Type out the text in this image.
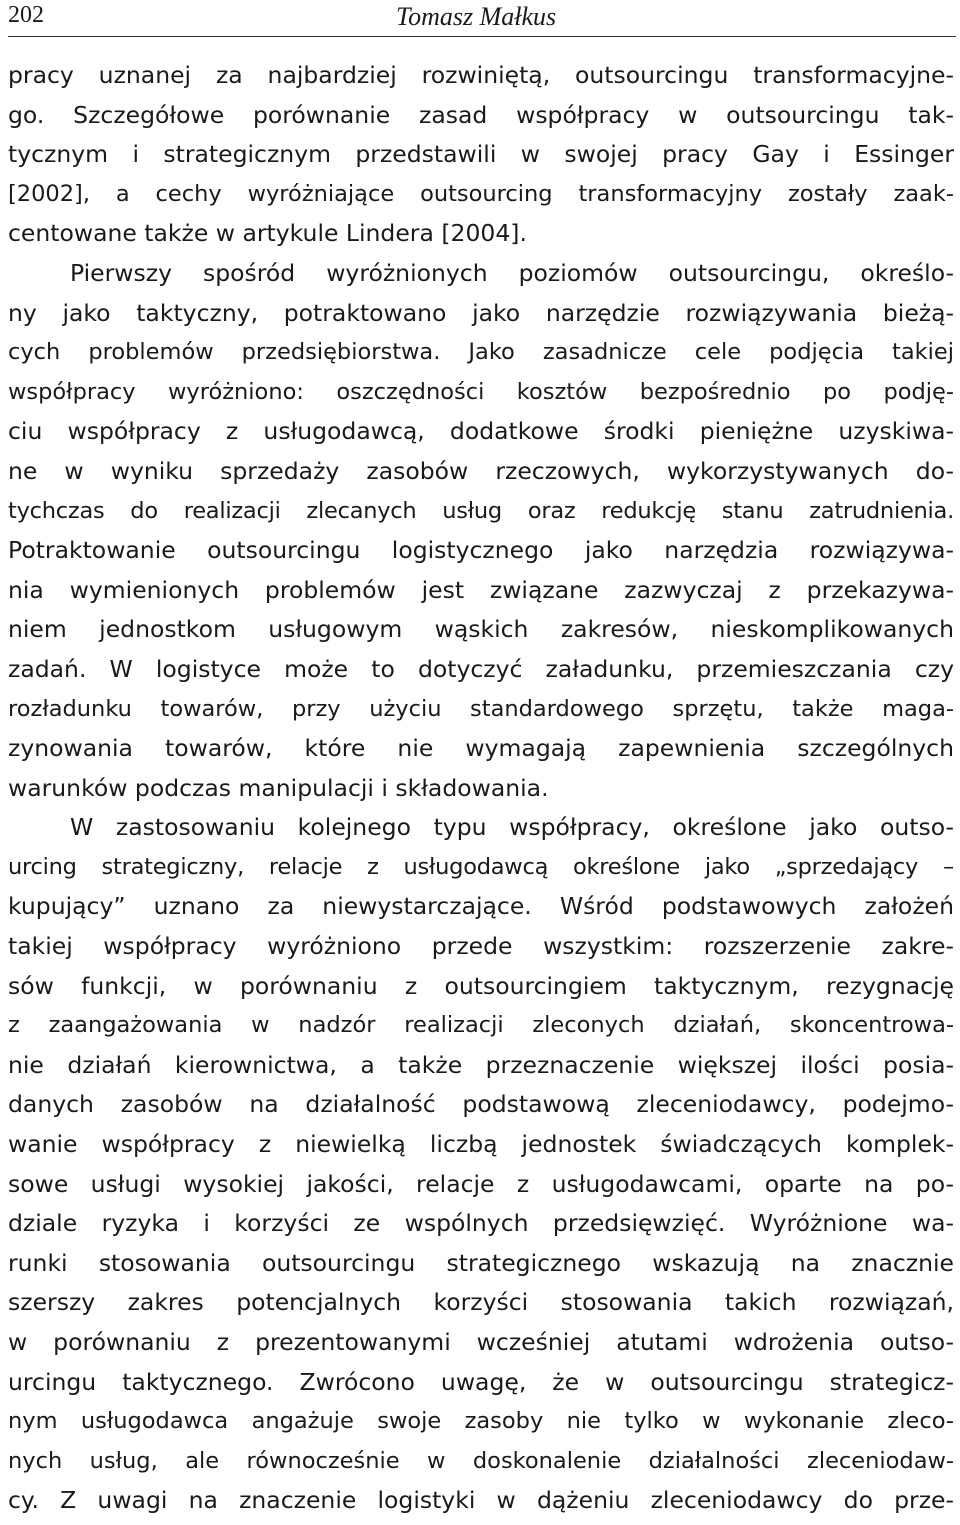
202	Tomasz Małkus
pracy uznanej za najbardziej rozwiniętą, outsourcingu transformacyjne-
go. Szczegółowe porównanie zasad współpracy w outsourcingu tak-
tycznym i strategicznym przedstawili w swojej pracy Gay i Essinger
[2002], a cechy wyróżniające outsourcing transformacyjny zostały zaak-
centowane także w artykule Lindera [2004].
Pierwszy spośród wyróżnionych poziomów outsourcingu, określo-
ny jako taktyczny, potraktowano jako narzędzie rozwiązywania bieżą-
cych problemów przedsiębiorstwa. Jako zasadnicze cele podjęcia takiej
współpracy wyróżniono: oszczędności kosztów bezpośrednio po podję-
ciu współpracy z usługodawcą, dodatkowe środki pieniężne uzyskiwa-
ne w wyniku sprzedaży zasobów rzeczowych, wykorzystywanych do-
tychczas do realizacji zlecanych usług oraz redukcję stanu zatrudnienia.
Potraktowanie outsourcingu logistycznego jako narzędzia rozwiązywa-
nia wymienionych problemów jest związane zazwyczaj z przekazywa-
niem jednostkom usługowym wąskich zakresów, nieskomplikowanych
zadań. W logistyce może to dotyczyć załadunku, przemieszczania czy
rozładunku towarów, przy użyciu standardowego sprzętu, także maga-
zynowania towarów, które nie wymagają zapewnienia szczególnych
warunków podczas manipulacji i składowania.
W zastosowaniu kolejnego typu współpracy, określone jako outso-
urcing strategiczny, relacje z usługodawcą określone jako „sprzedający –
kupujący” uznano za niewystarczające. Wśród podstawowych założeń
takiej współpracy wyróżniono przede wszystkim: rozszerzenie zakre-
sów funkcji, w porównaniu z outsourcingiem taktycznym, rezygnację
z zaangażowania w nadzór realizacji zleconych działań, skoncentrowa-
nie działań kierownictwa, a także przeznaczenie większej ilości posia-
danych zasobów na działalność podstawową zleceniodawcy, podejmo-
wanie współpracy z niewielką liczbą jednostek świadczących komplek-
sowe usługi wysokiej jakości, relacje z usługodawcami, oparte na po-
dziale ryzyka i korzyści ze wspólnych przedsięwzięć. Wyróżnione wa-
runki stosowania outsourcingu strategicznego wskazują na znacznie
szerszy zakres potencjalnych korzyści stosowania takich rozwiązań,
w porównaniu z prezentowanymi wcześniej atutami wdrożenia outso-
urcingu taktycznego. Zwrócono uwagę, że w outsourcingu strategicz-
nym usługodawca angażuje swoje zasoby nie tylko w wykonanie zleco-
nych usług, ale równocześnie w doskonalenie działalności zleceniodaw-
cy. Z uwagi na znaczenie logistyki w dążeniu zleceniodawcy do prze-
